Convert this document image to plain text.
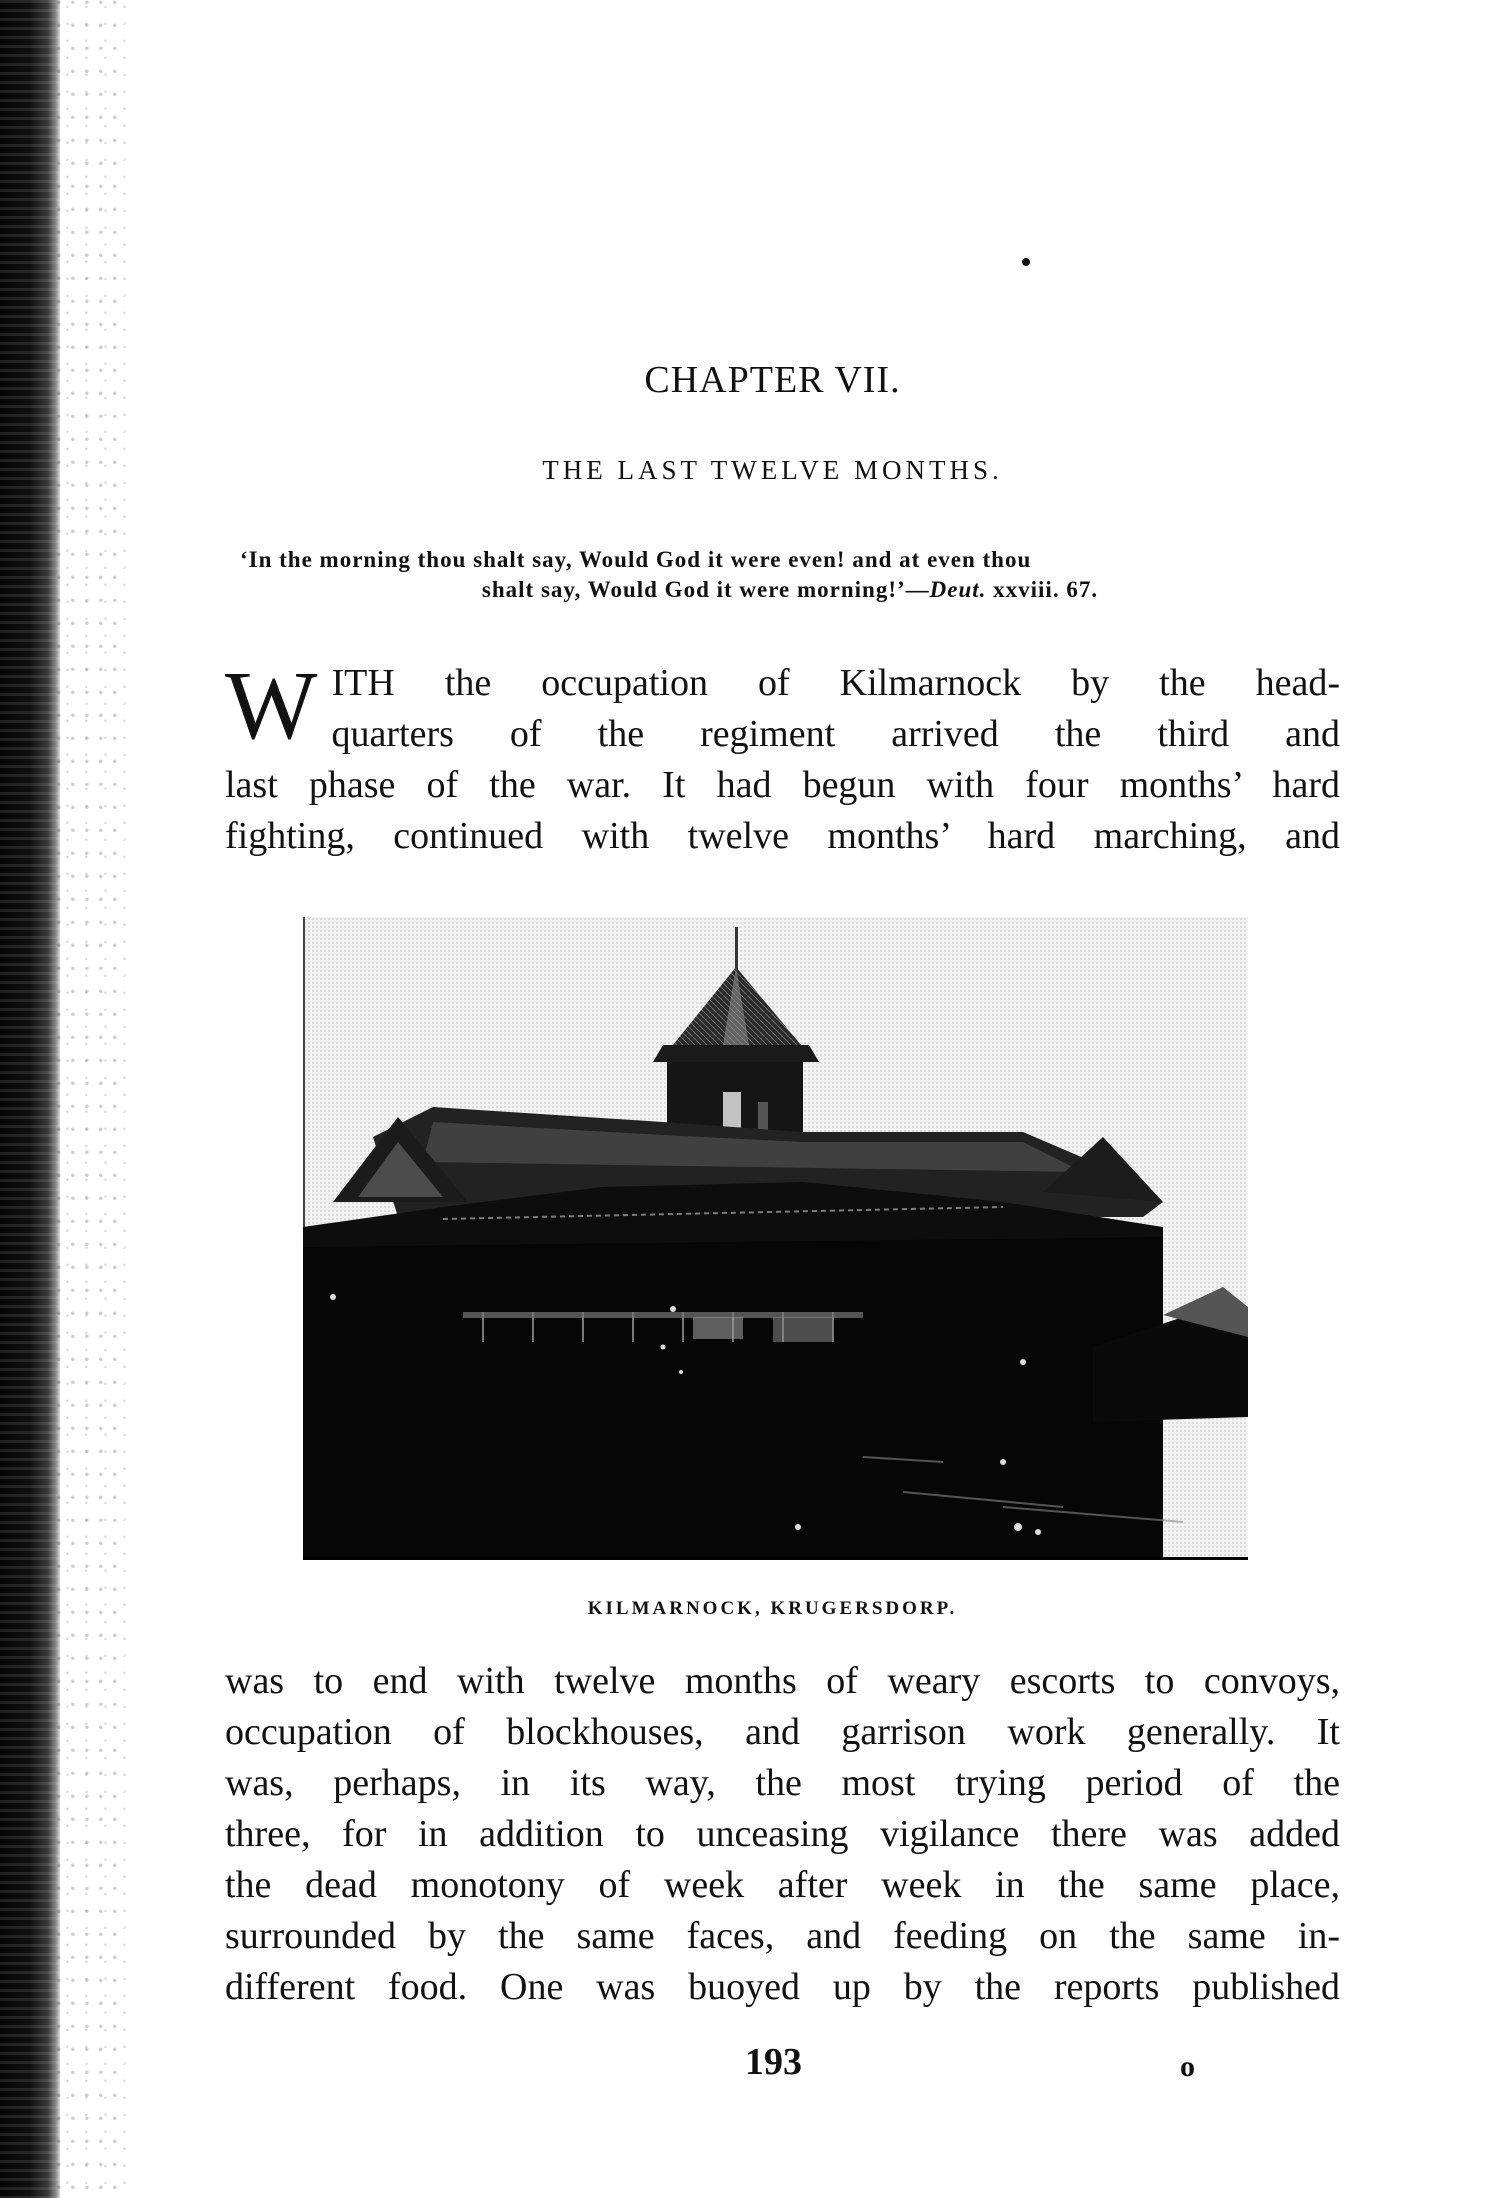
CHAPTER VII.
THE LAST TWELVE MONTHS.
‘In the morning thou shalt say, Would God it were even! and at even thou
shalt say, Would God it were morning!’—Deut. xxviii. 67.
W ITH the occupation of Kilmarnock by the head-
quarters of the regiment arrived the third and
last phase of the war. It had begun with four months’ hard
fighting, continued with twelve months’ hard marching, and
KILMARNOCK, KRUGERSDORP.
was to end with twelve months of weary escorts to convoys,
occupation of blockhouses, and garrison work generally. It
was, perhaps, in its way, the most trying period of the
three, for in addition to unceasing vigilance there was added
the dead monotony of week after week in the same place,
surrounded by the same faces, and feeding on the same in-
different food. One was buoyed up by the reports published
193	o
